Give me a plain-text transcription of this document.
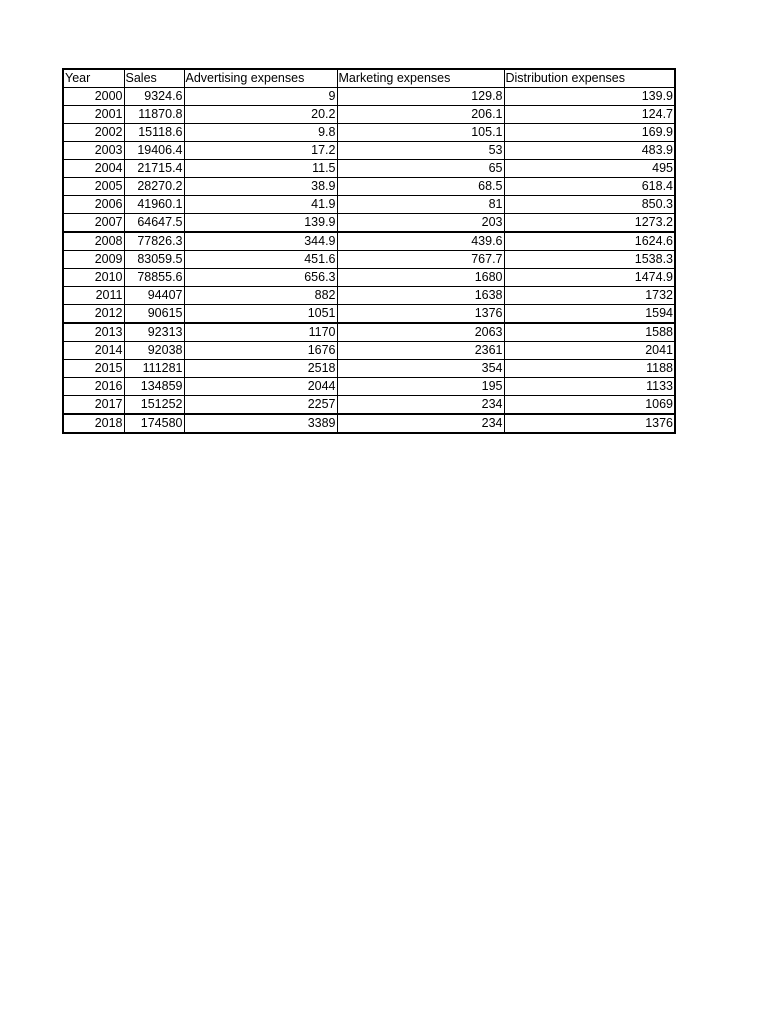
Year	Sales	Advertising expenses	Marketing expenses	Distribution expenses
2000	9324.6	9	129.8	139.9
2001	11870.8	20.2	206.1	124.7
2002	15118.6	9.8	105.1	169.9
2003	19406.4	17.2	53	483.9
2004	21715.4	11.5	65	495
2005	28270.2	38.9	68.5	618.4
2006	41960.1	41.9	81	850.3
2007	64647.5	139.9	203	1273.2
2008	77826.3	344.9	439.6	1624.6
2009	83059.5	451.6	767.7	1538.3
2010	78855.6	656.3	1680	1474.9
2011	94407	882	1638	1732
2012	90615	1051	1376	1594
2013	92313	1170	2063	1588
2014	92038	1676	2361	2041
2015	111281	2518	354	1188
2016	134859	2044	195	1133
2017	151252	2257	234	1069
2018	174580	3389	234	1376
